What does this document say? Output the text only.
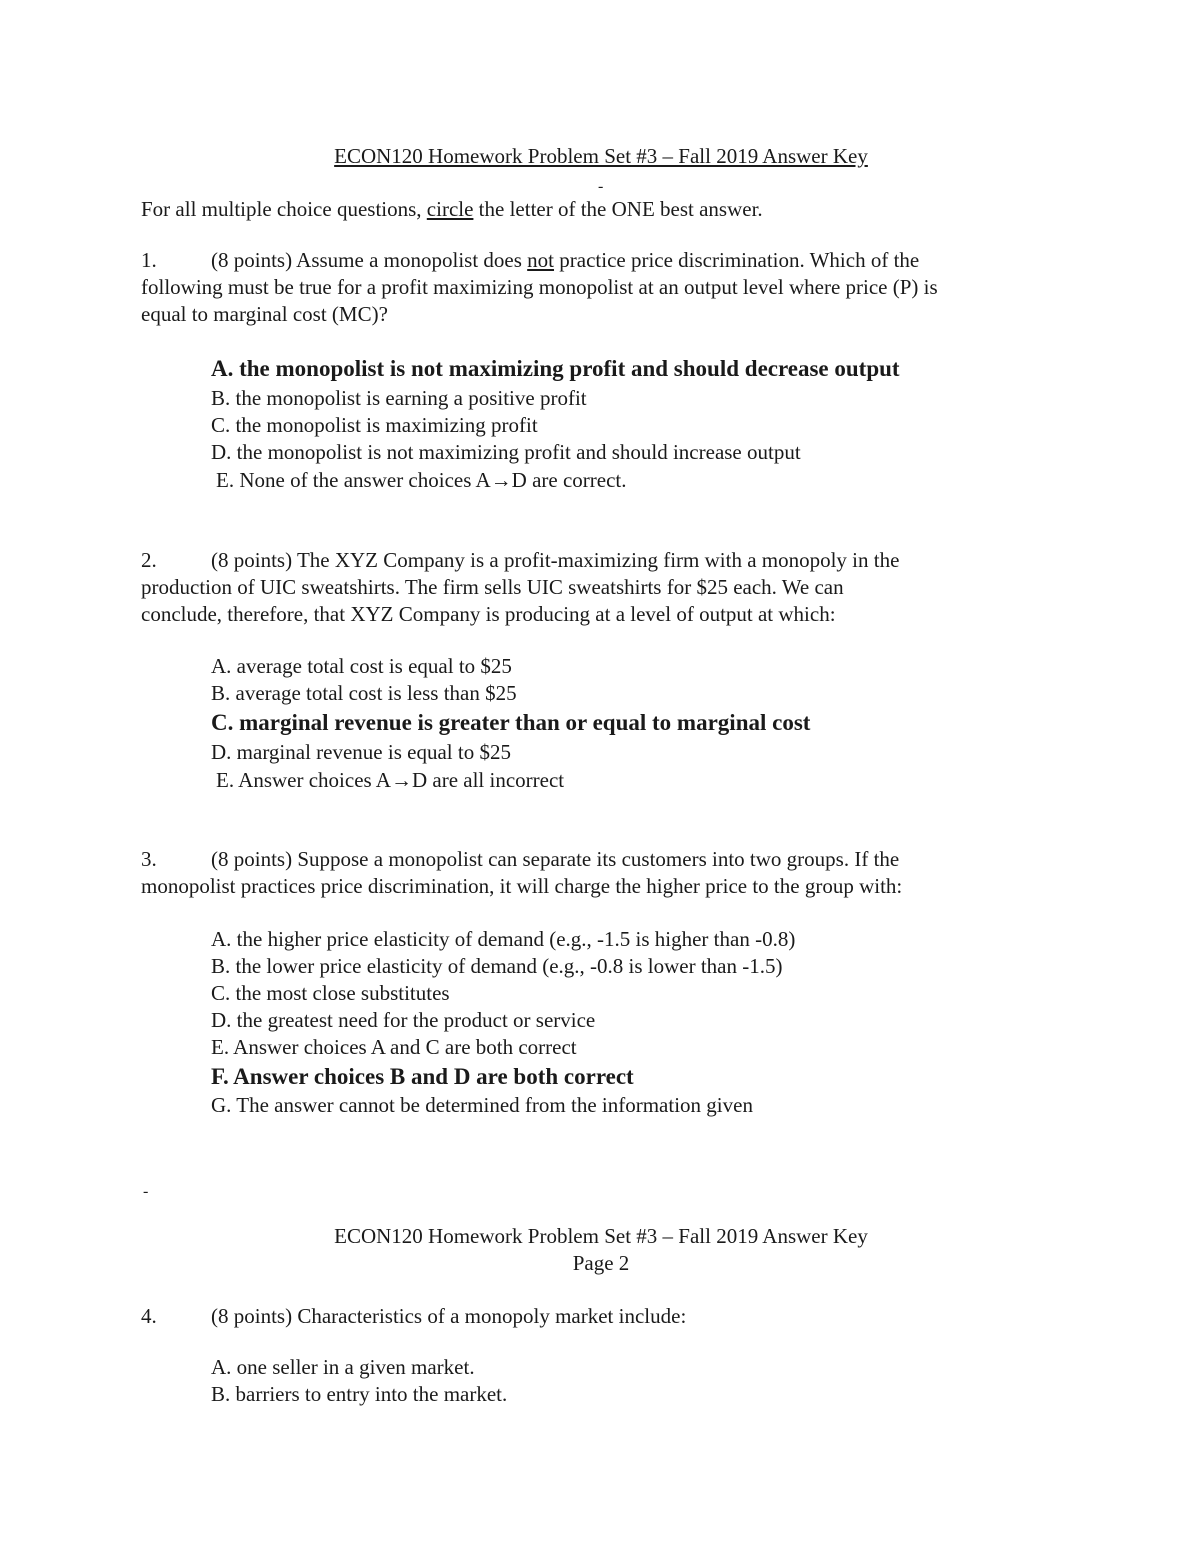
ECON120 Homework Problem Set #3 – Fall 2019 Answer Key
-
For all multiple choice questions, circle the letter of the ONE best answer.
1.	(8 points) Assume a monopolist does not practice price discrimination. Which of the
following must be true for a profit maximizing monopolist at an output level where price (P) is
equal to marginal cost (MC)?
A. the monopolist is not maximizing profit and should decrease output
B. the monopolist is earning a positive profit
C. the monopolist is maximizing profit
D. the monopolist is not maximizing profit and should increase output
E. None of the answer choices A→D are correct.
2.	(8 points) The XYZ Company is a profit-maximizing firm with a monopoly in the
production of UIC sweatshirts. The firm sells UIC sweatshirts for $25 each. We can
conclude, therefore, that XYZ Company is producing at a level of output at which:
A. average total cost is equal to $25
B. average total cost is less than $25
C. marginal revenue is greater than or equal to marginal cost
D. marginal revenue is equal to $25
E. Answer choices A→D are all incorrect
3.	(8 points) Suppose a monopolist can separate its customers into two groups. If the
monopolist practices price discrimination, it will charge the higher price to the group with:
A. the higher price elasticity of demand (e.g., -1.5 is higher than -0.8)
B. the lower price elasticity of demand (e.g., -0.8 is lower than -1.5)
C. the most close substitutes
D. the greatest need for the product or service
E. Answer choices A and C are both correct
F. Answer choices B and D are both correct
G. The answer cannot be determined from the information given
-
ECON120 Homework Problem Set #3 – Fall 2019 Answer Key
Page 2
4.	(8 points) Characteristics of a monopoly market include:
A. one seller in a given market.
B. barriers to entry into the market.
